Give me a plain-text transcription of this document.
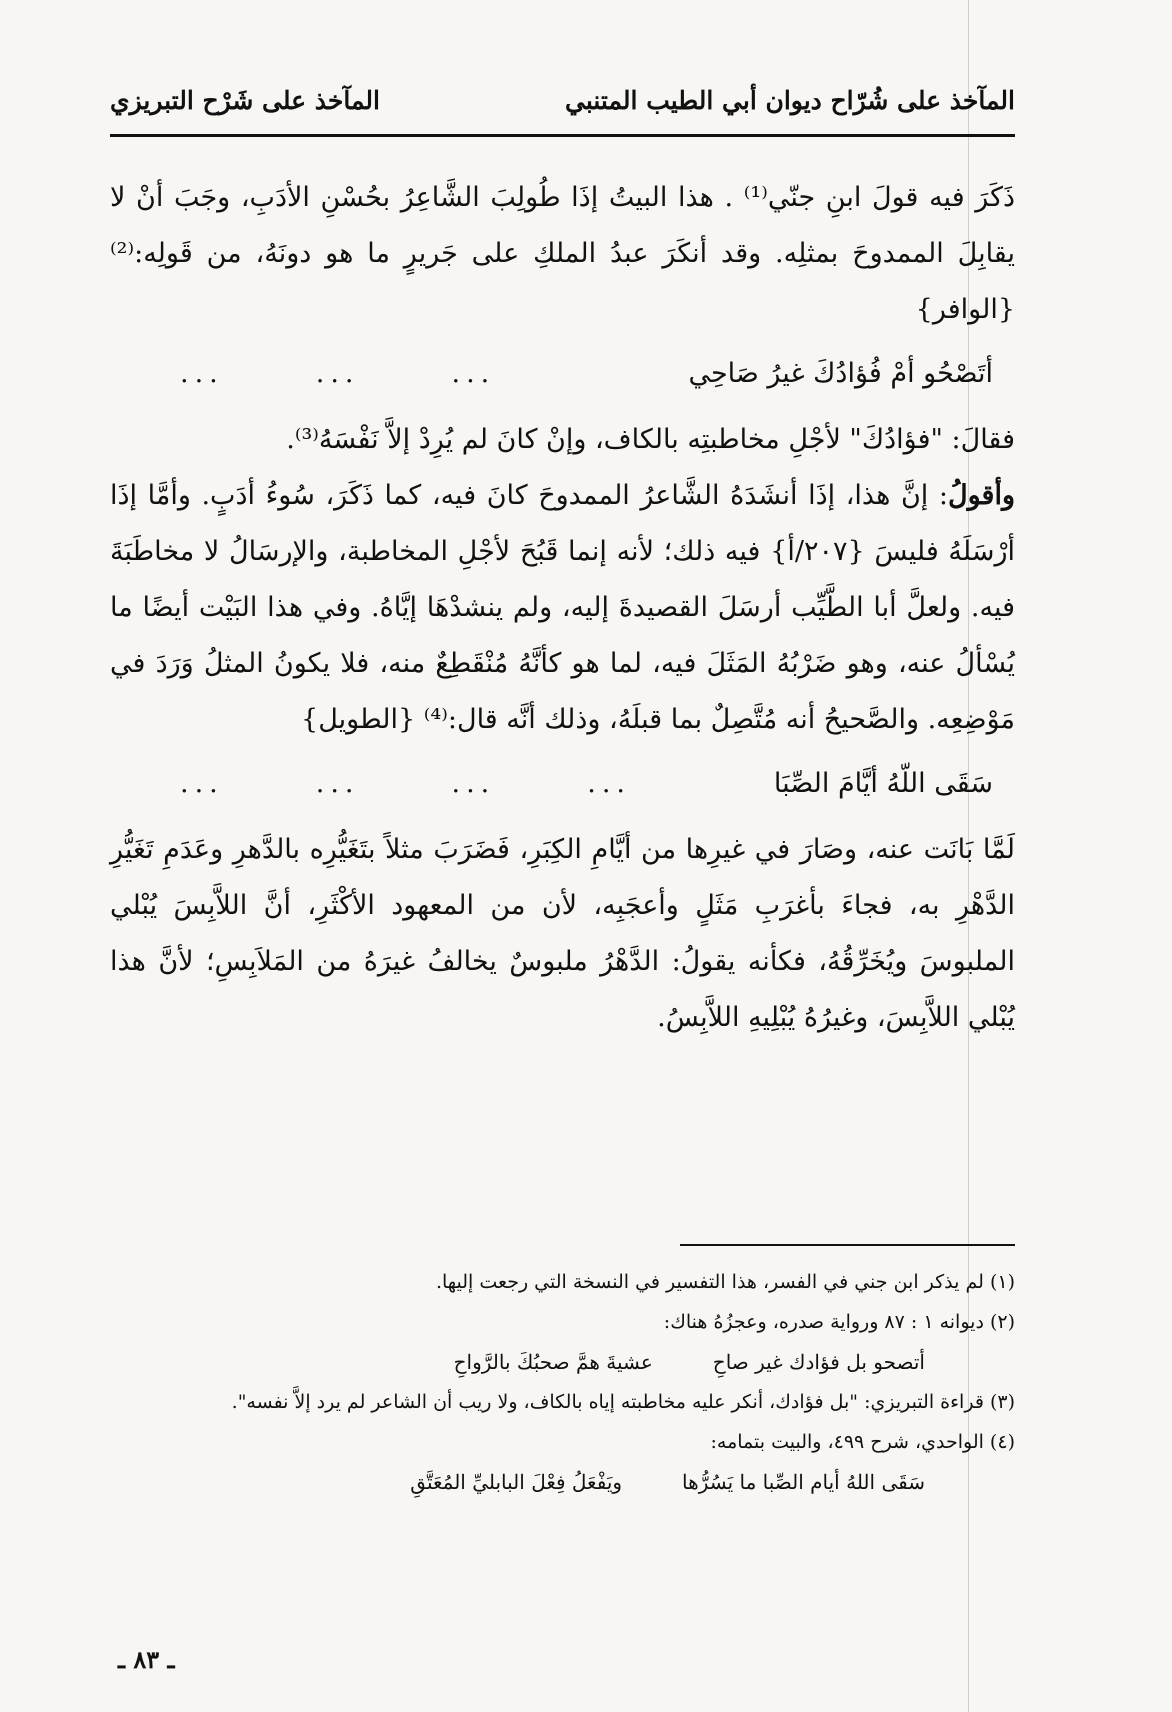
المآخذ على شُرّاح ديوان أبي الطيب المتنبي
المآخذ على شَرْح التبريزي

ذَكَرَ فيه قولَ ابنِ جنّي⁽¹⁾ . هذا البيتُ إذَا طُولِبَ الشَّاعِرُ بحُسْنِ الأدَبِ، وجَبَ أنْ لا يقابِلَ الممدوحَ بمثلِه. وقد أنكَرَ عبدُ الملكِ على جَريرٍ ما هو دونَهُ، من قَولِه:⁽²⁾ {الوافر}

أتَصْحُو أمْ فُؤادُكَ غيرُ صَاحِي
...
...
...

فقالَ: "فؤادُكَ" لأجْلِ مخاطبتِه بالكاف، وإنْ كانَ لم يُرِدْ إلاَّ نَفْسَهُ⁽³⁾.

وأقولُ: إنَّ هذا، إذَا أنشَدَهُ الشَّاعرُ الممدوحَ كانَ فيه، كما ذَكَرَ، سُوءُ أدَبٍ. وأمَّا إذَا أرْسَلَهُ فليسَ {٢٠٧/أ} فيه ذلك؛ لأنه إنما قَبُحَ لأجْلِ المخاطبة، والإرسَالُ لا مخاطَبَةَ فيه. ولعلَّ أبا الطَّيِّب أرسَلَ القصيدةَ إليه، ولم ينشدْهَا إيَّاهُ. وفي هذا البَيْت أيضًا ما يُسْألُ عنه، وهو ضَرْبُهُ المَثَلَ فيه، لما هو كأنَّهُ مُنْقَطِعٌ منه، فلا يكونُ المثلُ وَرَدَ في مَوْضِعِه. والصَّحيحُ أنه مُتَّصِلٌ بما قبلَهُ، وذلك أنَّه قال:⁽⁴⁾ {الطويل}

سَقَى اللّهُ أيَّامَ الصِّبَا
...
...
...
...

لَمَّا بَانَت عنه، وصَارَ في غيرِها من أيَّامِ الكِبَرِ، فَضَرَبَ مثلاً بتَغَيُّرِه بالدَّهرِ وعَدَمِ تَغَيُّرِ الدَّهْرِ به، فجاءَ بأغرَبِ مَثَلٍ وأعجَبِه، لأن من المعهود الأكْثَرِ، أنَّ اللاَّبِسَ يُبْلي الملبوسَ ويُخَرِّقُهُ، فكأنه يقولُ: الدَّهْرُ ملبوسٌ يخالفُ غيرَهُ من المَلاَبِسِ؛ لأنَّ هذا يُبْلي اللاَّبِسَ، وغيرُهُ يُبْلِيهِ اللاَّبِسُ.

(١) لم يذكر ابن جني في الفسر، هذا التفسير في النسخة التي رجعت إليها.

(٢) ديوانه ١ : ٨٧ ورواية صدره، وعجزُهُ هناك:

أتصحو بل فؤادك غير صاحِ
عشيةَ همَّ صحبُكَ بالرَّواحِ

(٣) قراءة التبريزي: "بل فؤادك، أنكر عليه مخاطبته إياه بالكاف، ولا ريب أن الشاعر لم يرد إلاَّ نفسه".

(٤) الواحدي، شرح ٤٩٩، والبيت بتمامه:

سَقَى اللهُ أيام الصِّبا ما يَسُرُّها
ويَفْعَلُ فِعْلَ البابليِّ المُعَتَّقِ
ـ ٨٣ ـ
